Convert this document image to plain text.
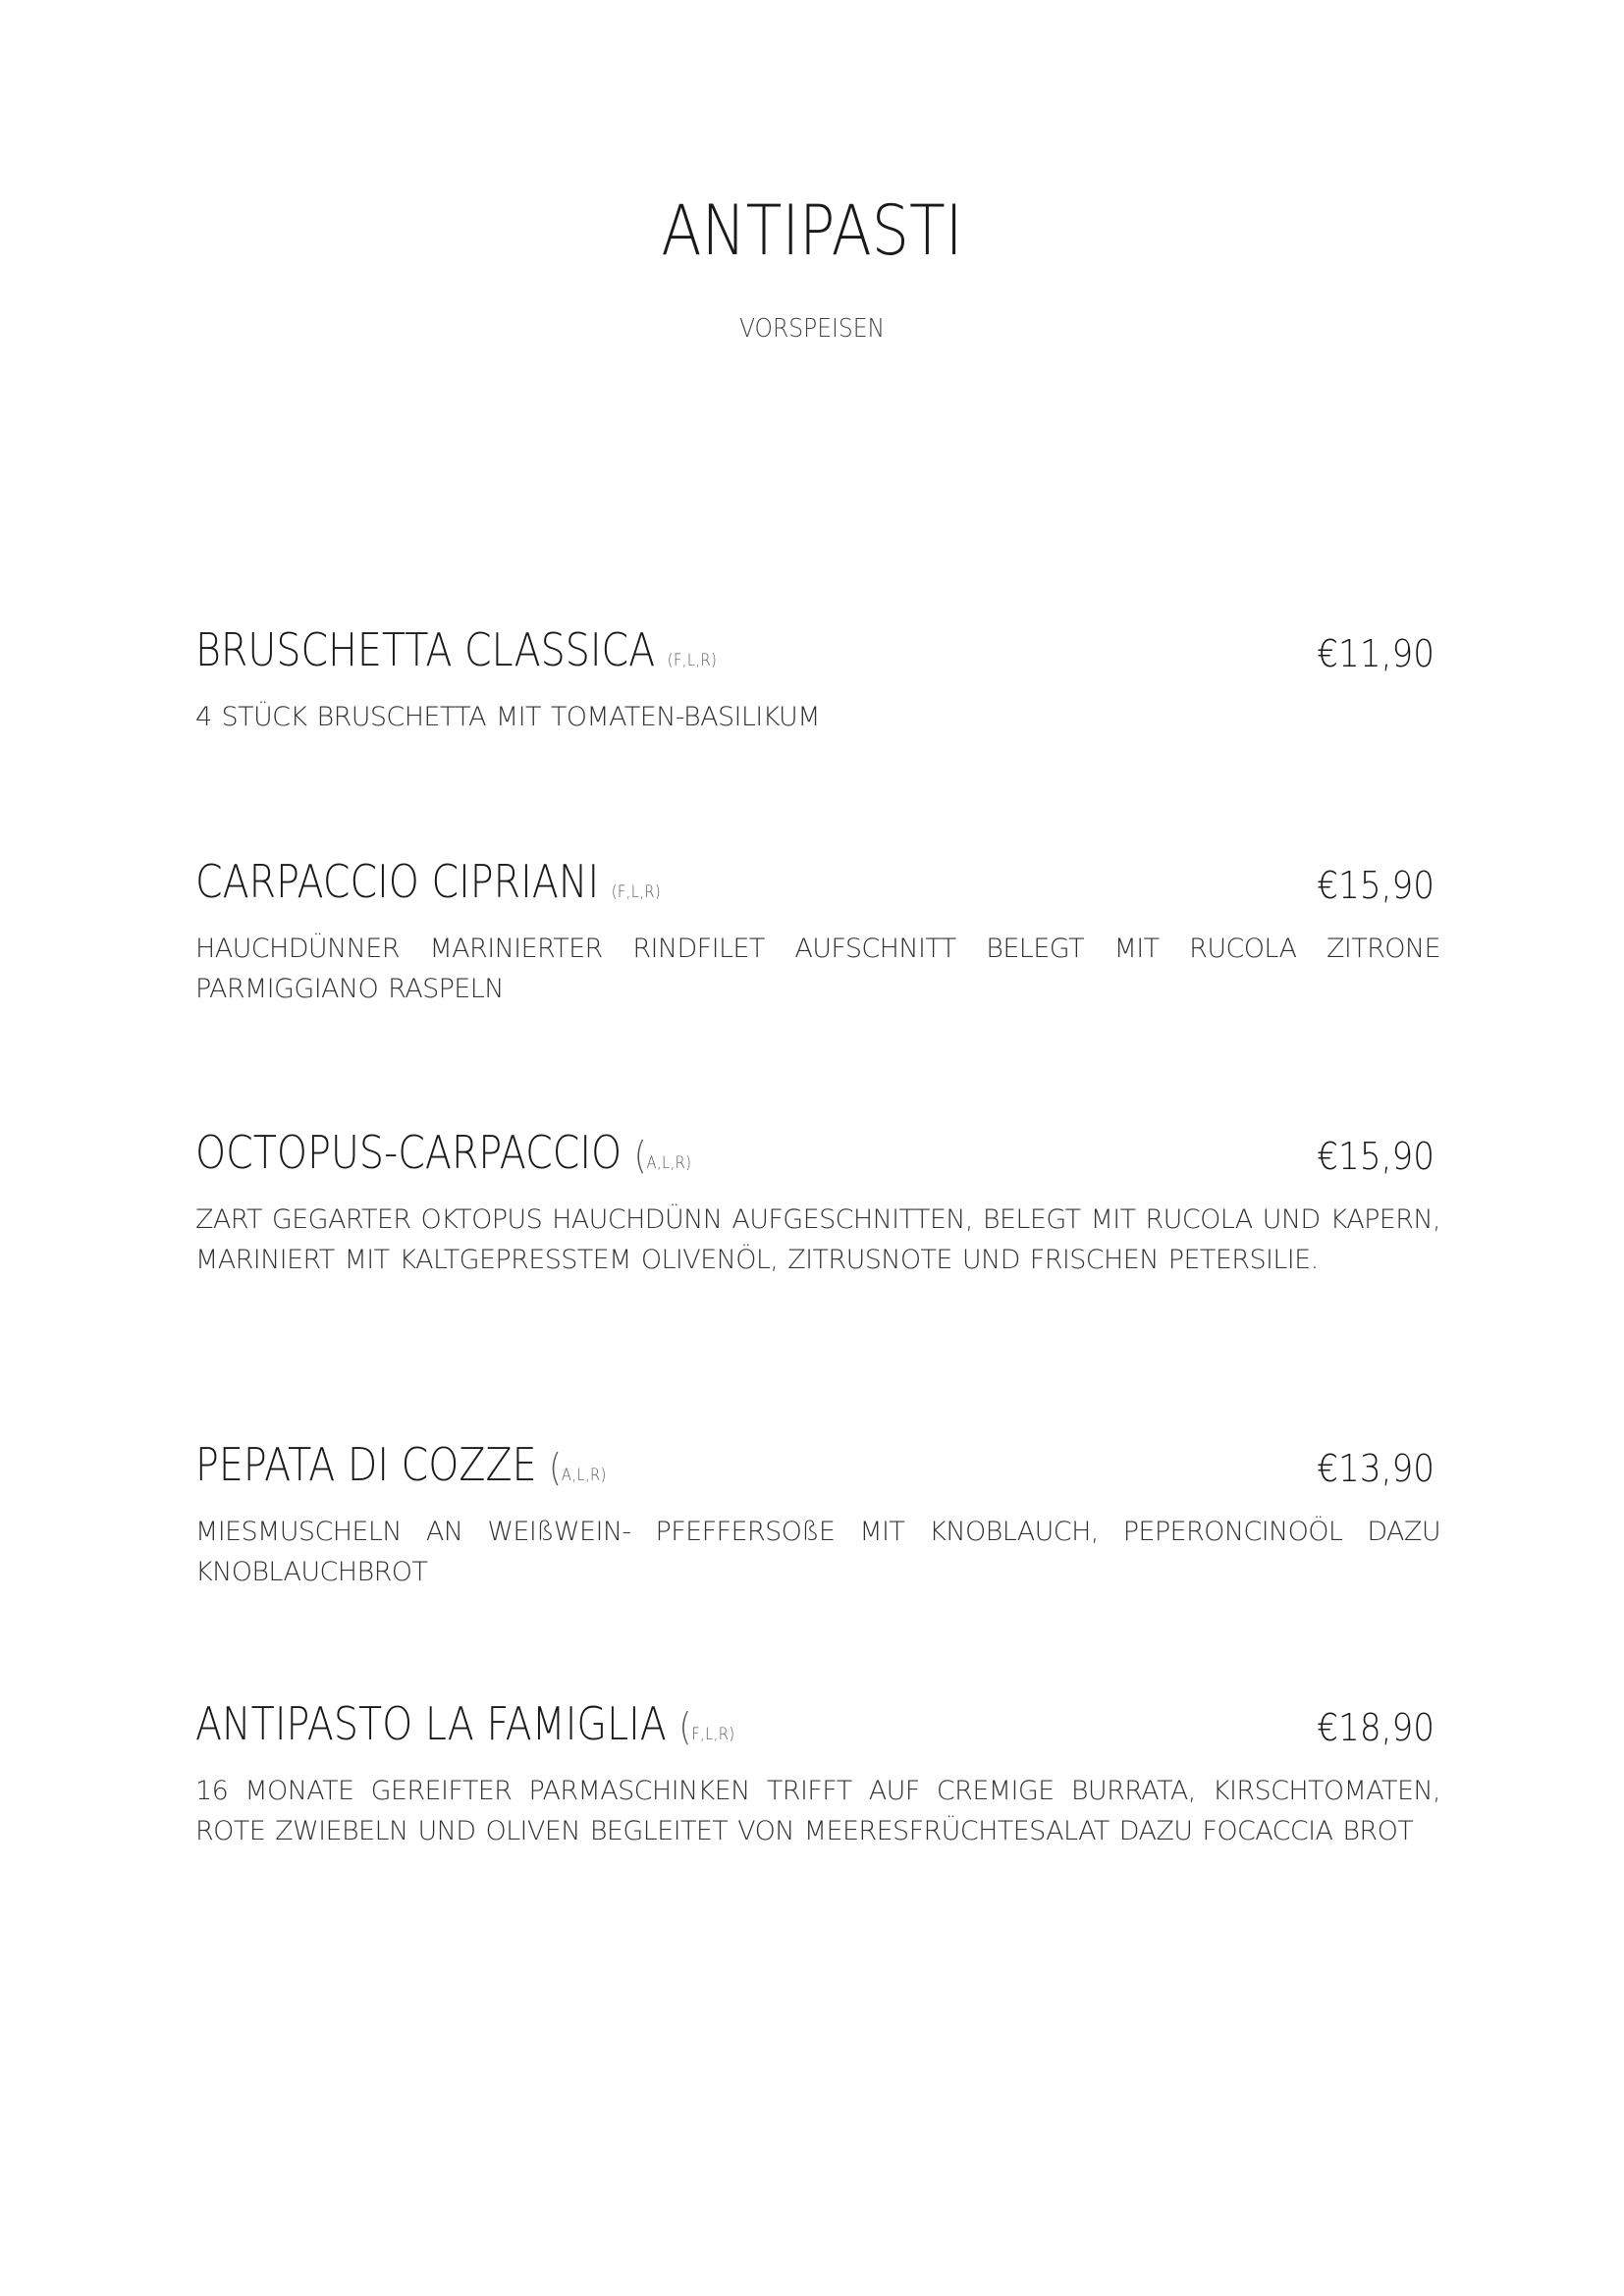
ANTIPASTI
VORSPEISEN
BRUSCHETTA CLASSICA (F,L,R)	€11,90
4 STÜCK BRUSCHETTA MIT TOMATEN-BASILIKUM
CARPACCIO CIPRIANI (F,L,R)	€15,90
HAUCHDÜNNER MARINIERTER RINDFILET AUFSCHNITT BELEGT MIT RUCOLA ZITRONE PARMIGGIANO RASPELN
OCTOPUS-CARPACCIO (A,L,R)	€15,90
ZART GEGARTER OKTOPUS HAUCHDÜNN AUFGESCHNITTEN, BELEGT MIT RUCOLA UND KAPERN, MARINIERT MIT KALTGEPRESSTEM OLIVENÖL, ZITRUSNOTE UND FRISCHEN PETERSILIE.
PEPATA DI COZZE (A,L,R)	€13,90
MIESMUSCHELN AN WEIßWEIN- PFEFFERSOßE MIT KNOBLAUCH, PEPERONCINOÖL DAZU KNOBLAUCHBROT
ANTIPASTO LA FAMIGLIA (F,L,R)	€18,90
16 MONATE GEREIFTER PARMASCHINKEN TRIFFT AUF CREMIGE BURRATA, KIRSCHTOMATEN, ROTE ZWIEBELN UND OLIVEN BEGLEITET VON MEERESFRÜCHTESALAT DAZU FOCACCIA BROT
